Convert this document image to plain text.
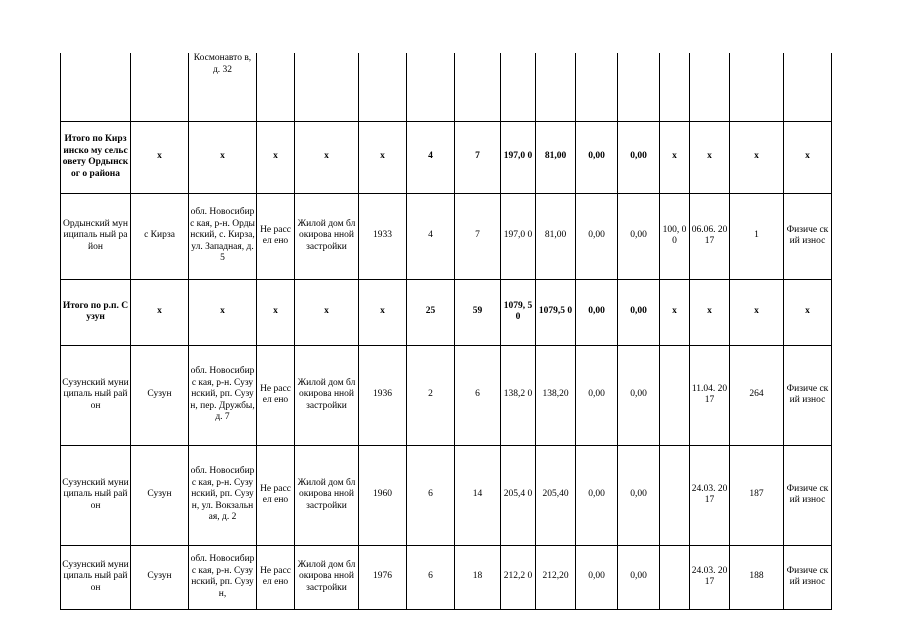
		Космонавто в, д. 32													
Итого по Кирзинско му сельсовету Ордынског о района	x	x	x	x	x	4	7	197,0 0	81,00	0,00	0,00	x	x	x	x
Ордынский муниципаль ный район	с Кирза	обл. Новосибирс кая, р-н. Ордынский, с. Кирза, ул. Западная, д. 5	Не рассел ено	Жилой дом блокирова нной застройки	1933	4	7	197,0 0	81,00	0,00	0,00	100, 00	06.06. 2017	1	Физиче ский износ
Итого по р.п. Сузун	x	x	x	x	x	25	59	1079, 50	1079,5 0	0,00	0,00	x	x	x	x
Сузунский муниципаль ный район	Сузун	обл. Новосибирс кая, р-н. Сузунский, рп. Сузун, пер. Дружбы, д. 7	Не рассел ено	Жилой дом блокирова нной застройки	1936	2	6	138,2 0	138,20	0,00	0,00		11.04. 2017	264	Физиче ский износ
Сузунский муниципаль ный район	Сузун	обл. Новосибирс кая, р-н. Сузунский, рп. Сузун, ул. Вокзальная, д. 2	Не рассел ено	Жилой дом блокирова нной застройки	1960	6	14	205,4 0	205,40	0,00	0,00		24.03. 2017	187	Физиче ский износ
Сузунский муниципаль ный район	Сузун	обл. Новосибирс кая, р-н. Сузунский, рп. Сузун,	Не рассел ено	Жилой дом блокирова нной застройки	1976	6	18	212,2 0	212,20	0,00	0,00		24.03. 2017	188	Физиче ский износ
